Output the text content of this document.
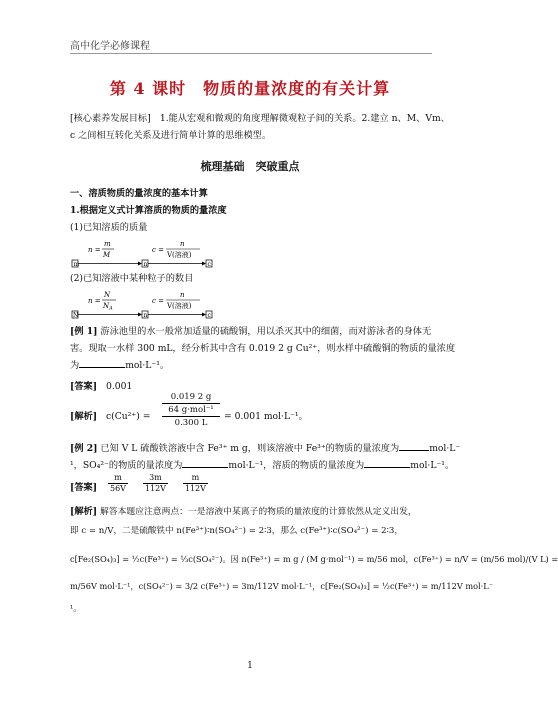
高中化学必修课程
第 4 课时　物质的量浓度的有关计算
[核心素养发展目标]　1.能从宏观和微观的角度理解微观粒子间的关系。2.建立 n、M、Vm、
c 之间相互转化关系及进行简单计算的思维模型。
梳理基础　突破重点
一、溶质物质的量浓度的基本计算
1.根据定义式计算溶质的物质的量浓度
(1)已知溶质的质量
m	n	c
n =
m
M
c =
n
V(溶液)
(2)已知溶液中某种粒子的数目
N	n	c
n =
N
$N_A$
c =
n
V(溶液)
[例 1] 游泳池里的水一般常加适量的硫酸铜，用以杀灭其中的细菌，而对游泳者的身体无
害。现取一水样 300 mL，经分析其中含有 0.019 2 g Cu²⁺，则水样中硫酸铜的物质的量浓度
为	mol·L⁻¹。
[答案] 0.001
[解析] c(Cu²⁺) =
0.019 2 g
64 g·mol⁻¹
0.300 L
= 0.001 mol·L⁻¹。
[例 2] 已知 V L 硫酸铁溶液中含 Fe³⁺ m g，则该溶液中 Fe³⁺的物质的量浓度为	mol·L⁻
¹，SO₄²⁻的物质的量浓度为	mol·L⁻¹，溶质的物质的量浓度为	mol·L⁻¹。
[答案] $\frac{m}{56V}$
$\frac{3m}{112V}$
$\frac{m}{112V}$
[解析] 解答本题应注意两点：一是溶液中某离子的物质的量浓度的计算依然从定义出发，
即 c = n/V，二是硫酸铁中 n(Fe³⁺)∶n(SO₄²⁻) = 2∶3，那么 c(Fe³⁺)∶c(SO₄²⁻) = 2∶3，
c[Fe₂(SO₄)₃] = ½c(Fe³⁺) = ⅓c(SO₄²⁻)。因 n(Fe³⁺) = m g / (M g·mol⁻¹) = m/56 mol，c(Fe³⁺) = n/V = (m/56 mol)/(V L) =
m/56V mol·L⁻¹，c(SO₄²⁻) = 3/2 c(Fe³⁺) = 3m/112V mol·L⁻¹，c[Fe₂(SO₄)₃] = ½c(Fe³⁺) = m/112V mol·L⁻
¹。
1
